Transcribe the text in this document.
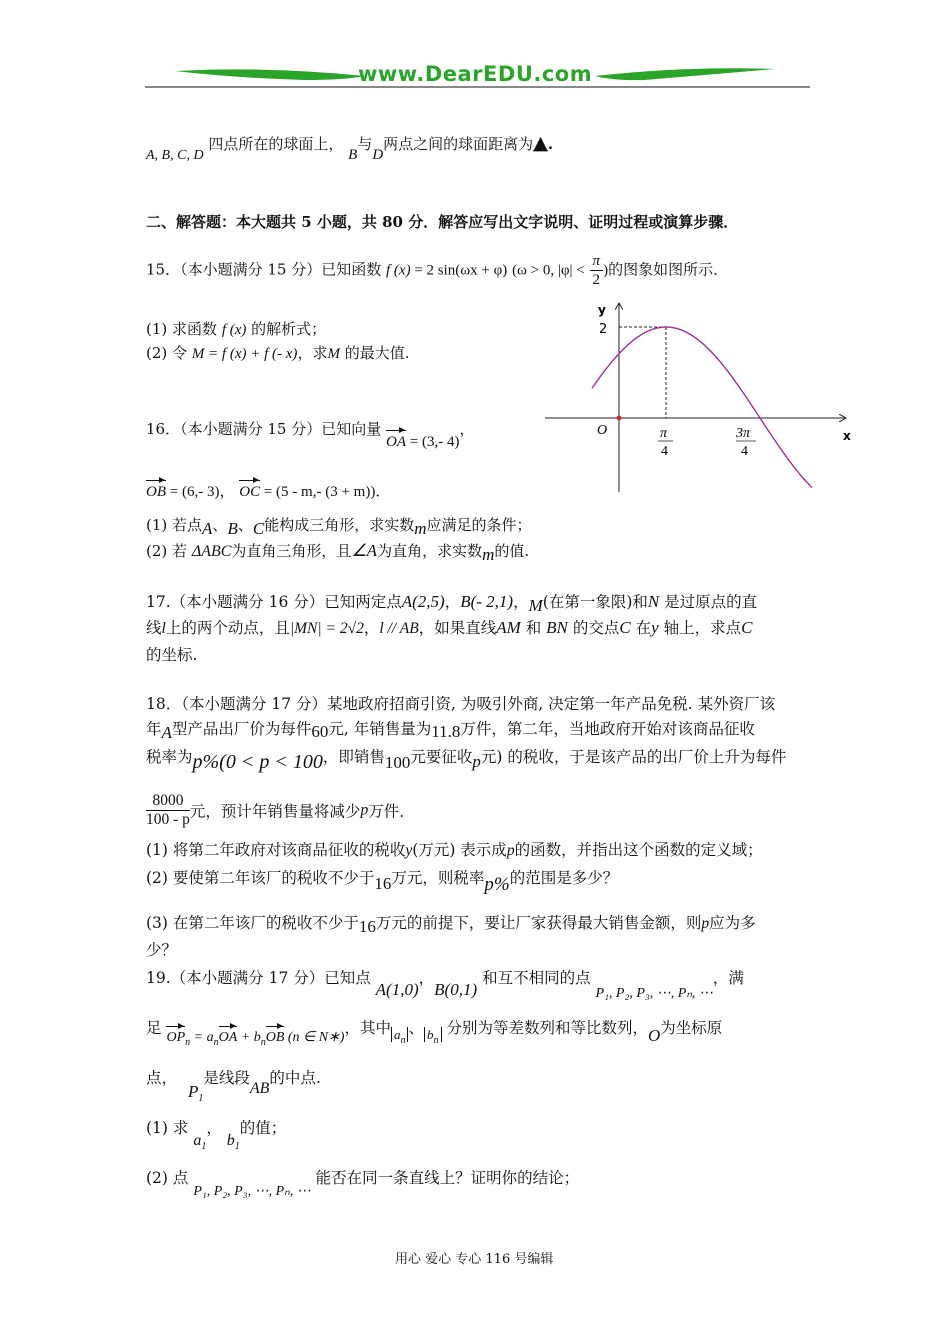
www.DearEDU.com
A, B, C, D 四点所在的球面上， B与D两点之间的球面距离为▲.
二、解答题：本大题共 5 小题，共 80 分．解答应写出文字说明、证明过程或演算步骤．
15．（本小题满分 15 分）已知函数 f (x) = 2 sin(ωx + φ) (ω > 0, $|\varphi| < \frac{\pi}{2}$ )的图象如图所示．
(1) 求函数 f (x) 的解析式；
(2) 令 M = f (x) + f (- x)，求M 的最大值.
y
x
O
2
π
4
3π
4
16．（本小题满分 15 分）已知向量 OA = (3,- 4)，
OB = (6,- 3)， OC = (5 - m,- (3 + m))．
(1) 若点A、B、C能构成三角形，求实数m应满足的条件；
(2) 若 ΔABC为直角三角形，且∠A为直角，求实数m的值.
17.（本小题满分 16 分）已知两定点A(2,5)，B(- 2,1)，M(在第一象限)和N 是过原点的直
线l上的两个动点，且|MN| = 2√2，l // AB，如果直线AM 和 BN 的交点C 在y 轴上，求点C
的坐标.
18．（本小题满分 17 分）某地政府招商引资, 为吸引外商, 决定第一年产品免税. 某外资厂该
年A型产品出厂价为每件60元, 年销售量为11.8万件，第二年，当地政府开始对该商品征收
税率为p%(0 < p < 100，即销售100元要征收p元) 的税收，于是该产品的出厂价上升为每件
$\frac{8000}{100 - p}$ 元，预计年销售量将减少p万件．
(1) 将第二年政府对该商品征收的税收y(万元) 表示成p的函数，并指出这个函数的定义域；
(2) 要使第二年该厂的税收不少于16万元，则税率p%的范围是多少？
(3) 在第二年该厂的税收不少于16万元的前提下，要让厂家获得最大销售金额，则p应为多
少？
19.（本小题满分 17 分）已知点 A(1,0)，B(0,1) 和互不相同的点 P₁, P₂, P₃, ⋯, Pₙ, ⋯，满
足 $OP_n = a_nOA + b_nOB$ (n ∈ N∗)，其中 $_{a_n}$、 $_{b_n}$ 分别为等差数列和等比数列，O为坐标原
点， $P_1$是线段AB的中点.
(1) 求 $a_1$， $b_1$的值；
(2) 点 P₁, P₂, P₃, ⋯, Pₙ, ⋯ 能否在同一条直线上？证明你的结论；
用心 爱心 专心 116 号编辑
